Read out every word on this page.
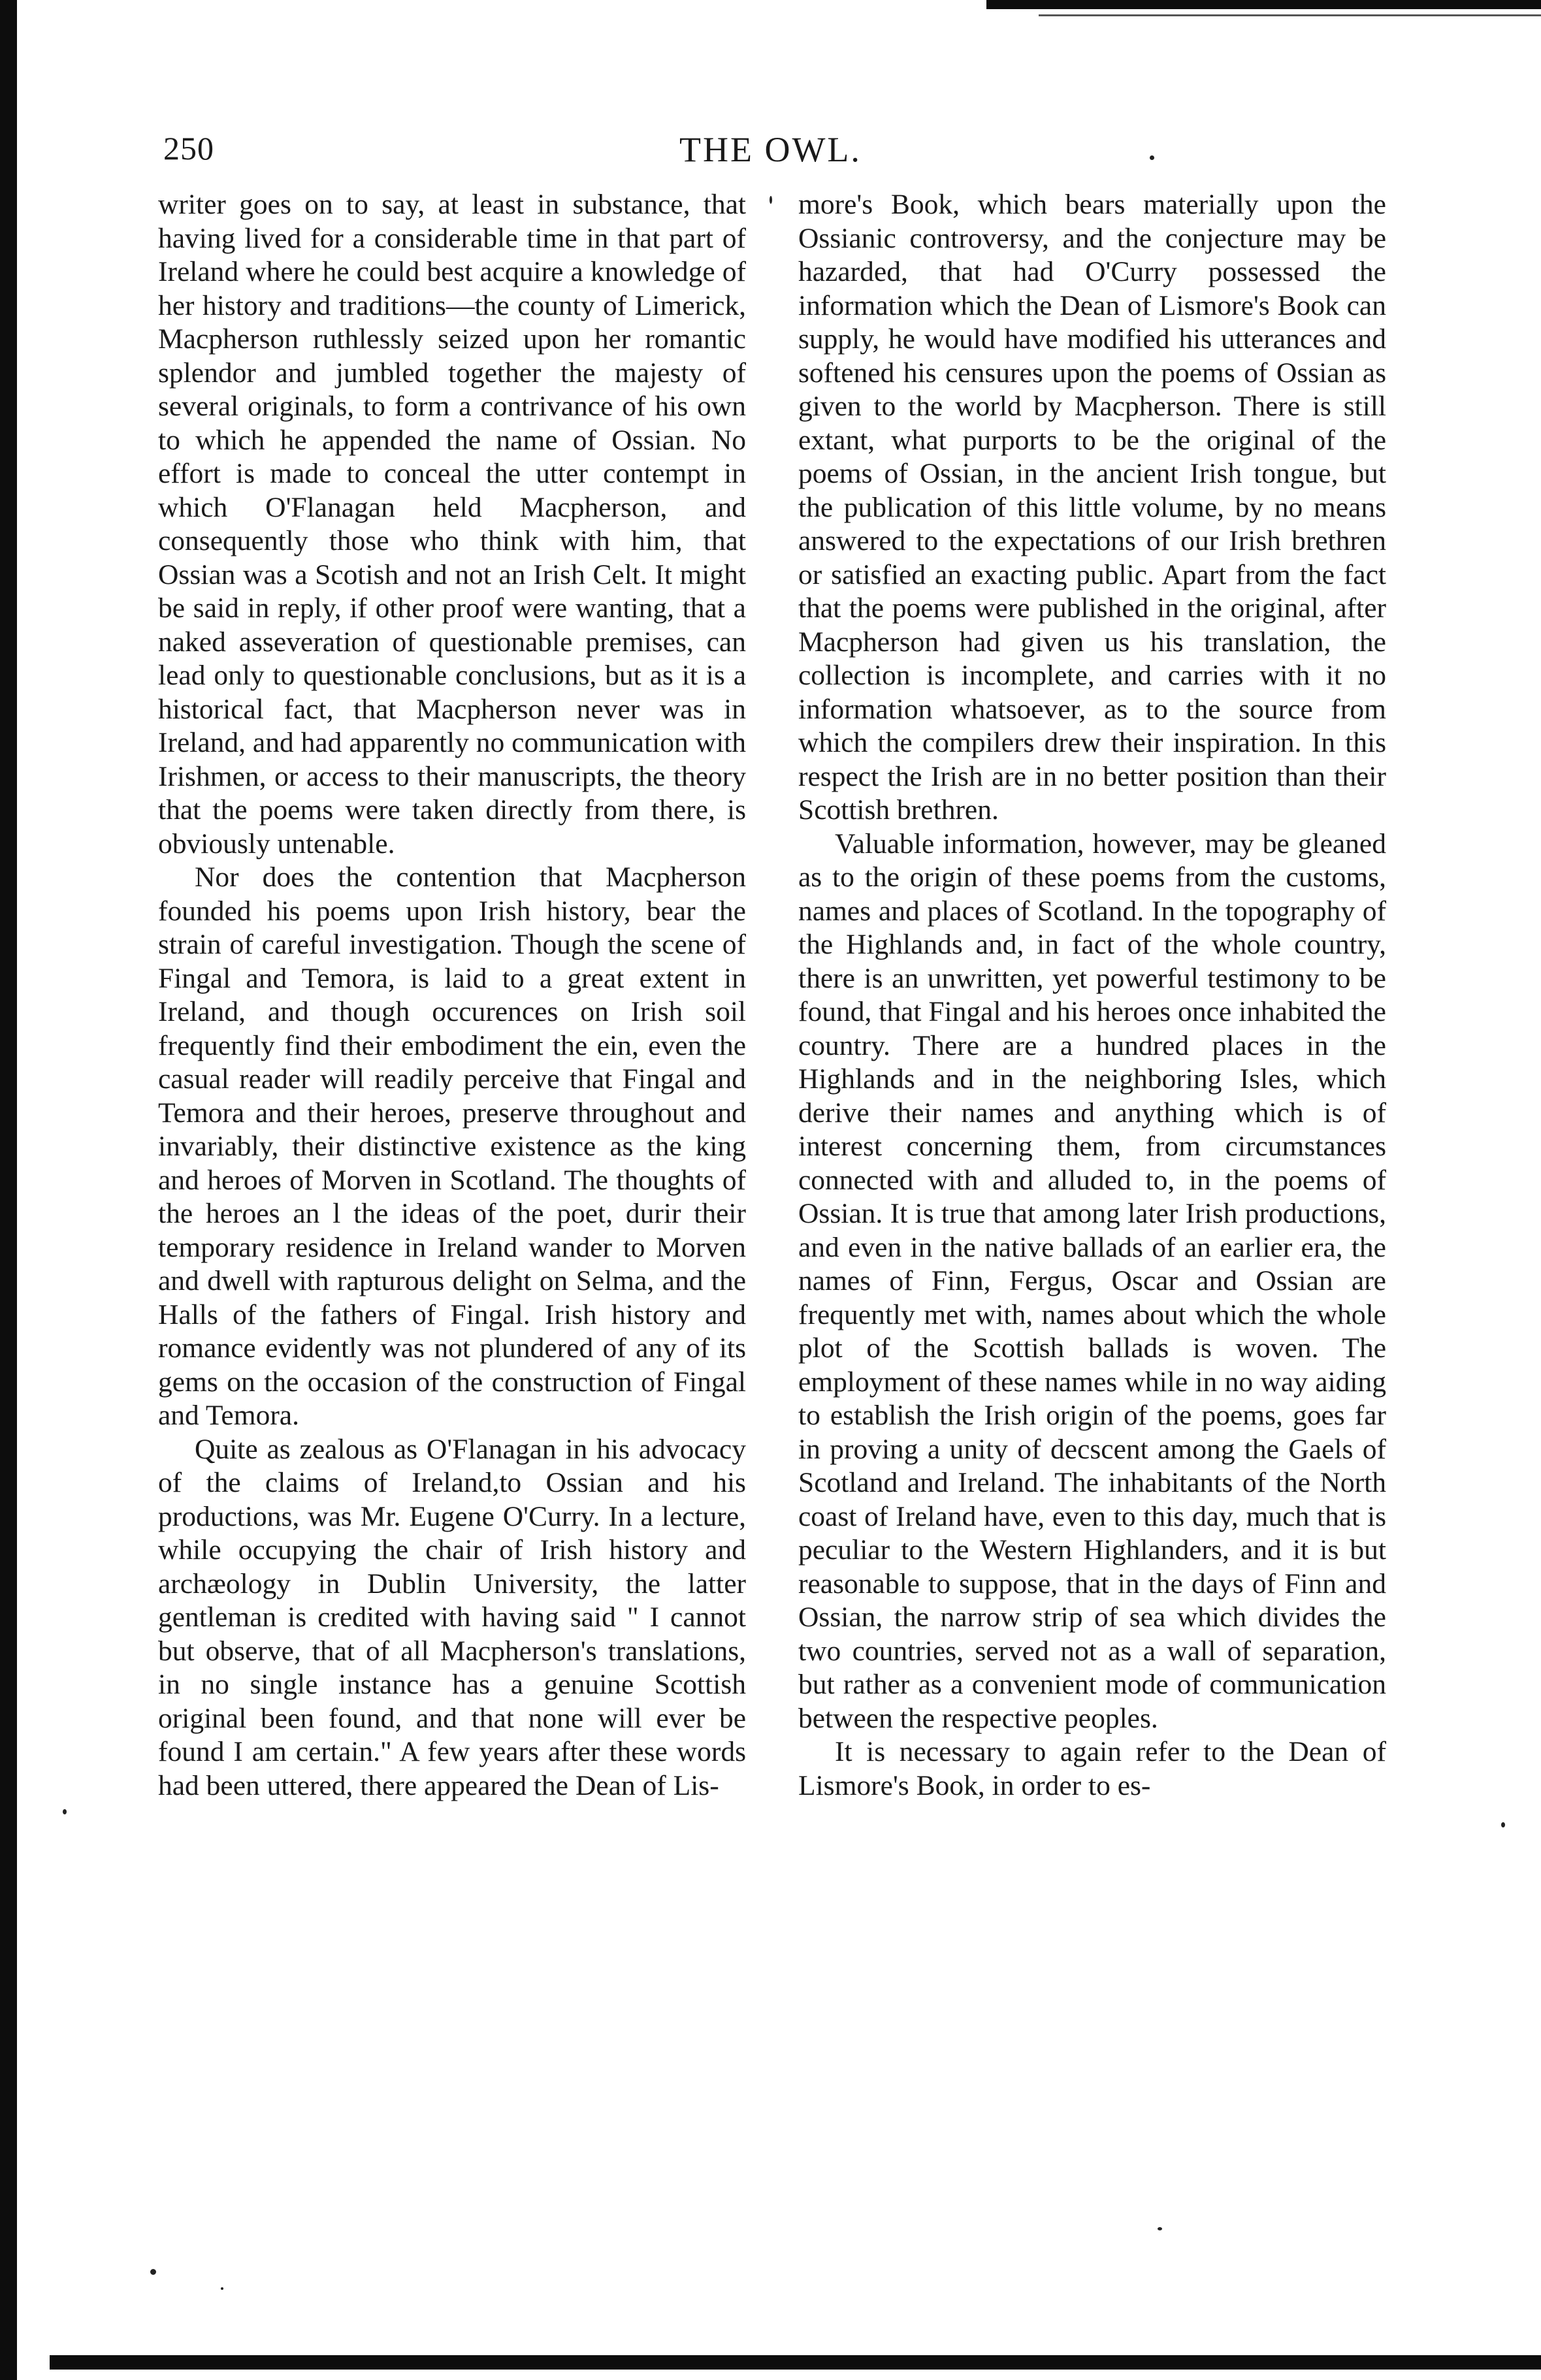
250	THE OWL.

writer goes on to say, at least in substance, that having lived for a considerable time in that part of Ireland where he could best acquire a knowledge of her history and traditions—the county of Limerick, Macpherson ruthlessly seized upon her romantic splendor and jumbled together the majesty of several originals, to form a contrivance of his own to which he appended the name of Ossian. No effort is made to conceal the utter contempt in which O'Flanagan held Macpherson, and consequently those who think with him, that Ossian was a Scotish and not an Irish Celt. It might be said in reply, if other proof were wanting, that a naked asseveration of questionable premises, can lead only to questionable conclusions, but as it is a historical fact, that Macpherson never was in Ireland, and had apparently no communication with Irishmen, or access to their manuscripts, the theory that the poems were taken directly from there, is obviously untenable.

Nor does the contention that Macpherson founded his poems upon Irish history, bear the strain of careful investigation. Though the scene of Fingal and Temora, is laid to a great extent in Ireland, and though occurences on Irish soil frequently find their embodiment the ein, even the casual reader will readily perceive that Fingal and Temora and their heroes, preserve throughout and invariably, their distinctive existence as the king and heroes of Morven in Scotland. The thoughts of the heroes an l the ideas of the poet, durir their temporary residence in Ireland wander to Morven and dwell with rapturous delight on Selma, and the Halls of the fathers of Fingal. Irish history and romance evidently was not plundered of any of its gems on the occasion of the construction of Fingal and Temora.

Quite as zealous as O'Flanagan in his advocacy of the claims of Ireland,to Ossian and his productions, was Mr. Eugene O'Curry. In a lecture, while occupying the chair of Irish history and archæology in Dublin University, the latter gentleman is credited with having said " I cannot but observe, that of all Macpherson's translations, in no single instance has a genuine Scottish original been found, and that none will ever be found I am certain." A few years after these words had been uttered, there appeared the Dean of Lis-

more's Book, which bears materially upon the Ossianic controversy, and the conjecture may be hazarded, that had O'Curry possessed the information which the Dean of Lismore's Book can supply, he would have modified his utterances and softened his censures upon the poems of Ossian as given to the world by Macpherson. There is still extant, what purports to be the original of the poems of Ossian, in the ancient Irish tongue, but the publication of this little volume, by no means answered to the expectations of our Irish brethren or satisfied an exacting public. Apart from the fact that the poems were published in the original, after Macpherson had given us his translation, the collection is incomplete, and carries with it no information whatsoever, as to the source from which the compilers drew their inspiration. In this respect the Irish are in no better position than their Scottish brethren.

Valuable information, however, may be gleaned as to the origin of these poems from the customs, names and places of Scotland. In the topography of the Highlands and, in fact of the whole country, there is an unwritten, yet powerful testimony to be found, that Fingal and his heroes once inhabited the country. There are a hundred places in the Highlands and in the neighboring Isles, which derive their names and anything which is of interest concerning them, from circumstances connected with and alluded to, in the poems of Ossian. It is true that among later Irish productions, and even in the native ballads of an earlier era, the names of Finn, Fergus, Oscar and Ossian are frequently met with, names about which the whole plot of the Scottish ballads is woven. The employment of these names while in no way aiding to establish the Irish origin of the poems, goes far in proving a unity of decscent among the Gaels of Scotland and Ireland. The inhabitants of the North coast of Ireland have, even to this day, much that is peculiar to the Western Highlanders, and it is but reasonable to suppose, that in the days of Finn and Ossian, the narrow strip of sea which divides the two countries, served not as a wall of separation, but rather as a convenient mode of communication between the respective peoples.

It is necessary to again refer to the Dean of Lismore's Book, in order to es-
